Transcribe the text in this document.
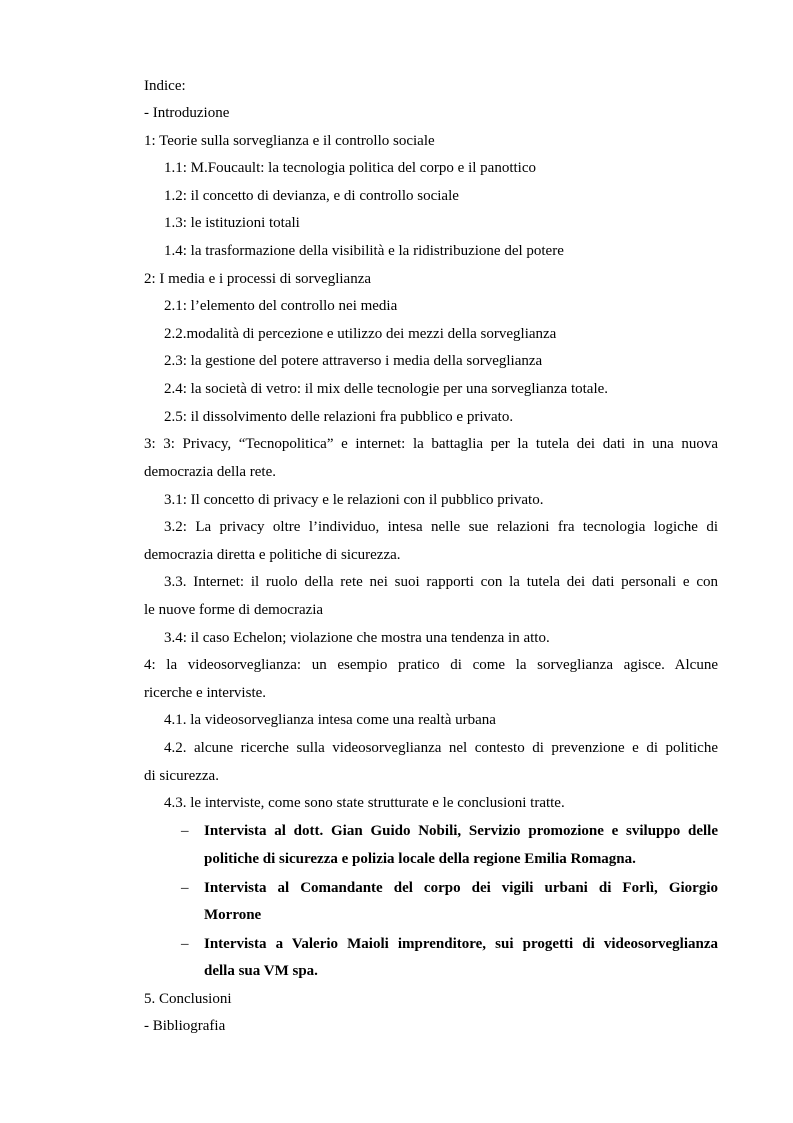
Indice:
- Introduzione
1: Teorie sulla sorveglianza e il controllo sociale
1.1: M.Foucault: la tecnologia politica del corpo e il panottico
1.2: il concetto di devianza, e di controllo sociale
1.3: le istituzioni totali
1.4: la trasformazione della visibilità e la ridistribuzione del potere
2: I media e i processi di sorveglianza
2.1: l’elemento del controllo nei media
2.2.modalità di percezione e utilizzo dei mezzi della sorveglianza
2.3: la gestione del potere attraverso i media della sorveglianza
2.4: la società di vetro: il mix delle tecnologie per una sorveglianza totale.
2.5: il dissolvimento delle relazioni fra pubblico e privato.
3: 3: Privacy, “Tecnopolitica” e internet: la battaglia per la tutela dei dati in una nuova
democrazia della rete.
3.1: Il concetto di privacy e le relazioni con il pubblico privato.
3.2: La privacy oltre l’individuo, intesa nelle sue relazioni fra tecnologia logiche di
democrazia diretta e politiche di sicurezza.
3.3. Internet: il ruolo della rete nei suoi rapporti con la tutela dei dati personali e con
le nuove forme di democrazia
3.4: il caso Echelon; violazione che mostra una tendenza in atto.
4: la videosorveglianza: un esempio pratico di come la sorveglianza agisce. Alcune
ricerche e interviste.
4.1. la videosorveglianza intesa come una realtà urbana
4.2. alcune ricerche sulla videosorveglianza nel contesto di prevenzione e di politiche
di sicurezza.
4.3. le interviste, come sono state strutturate e le conclusioni tratte.
– Intervista al dott. Gian Guido Nobili, Servizio promozione e sviluppo delle
politiche di sicurezza e polizia locale della regione Emilia Romagna.
– Intervista al Comandante del corpo dei vigili urbani di Forlì, Giorgio
Morrone
– Intervista a Valerio Maioli imprenditore, sui progetti di videosorveglianza
della sua VM spa.
5. Conclusioni
- Bibliografia
